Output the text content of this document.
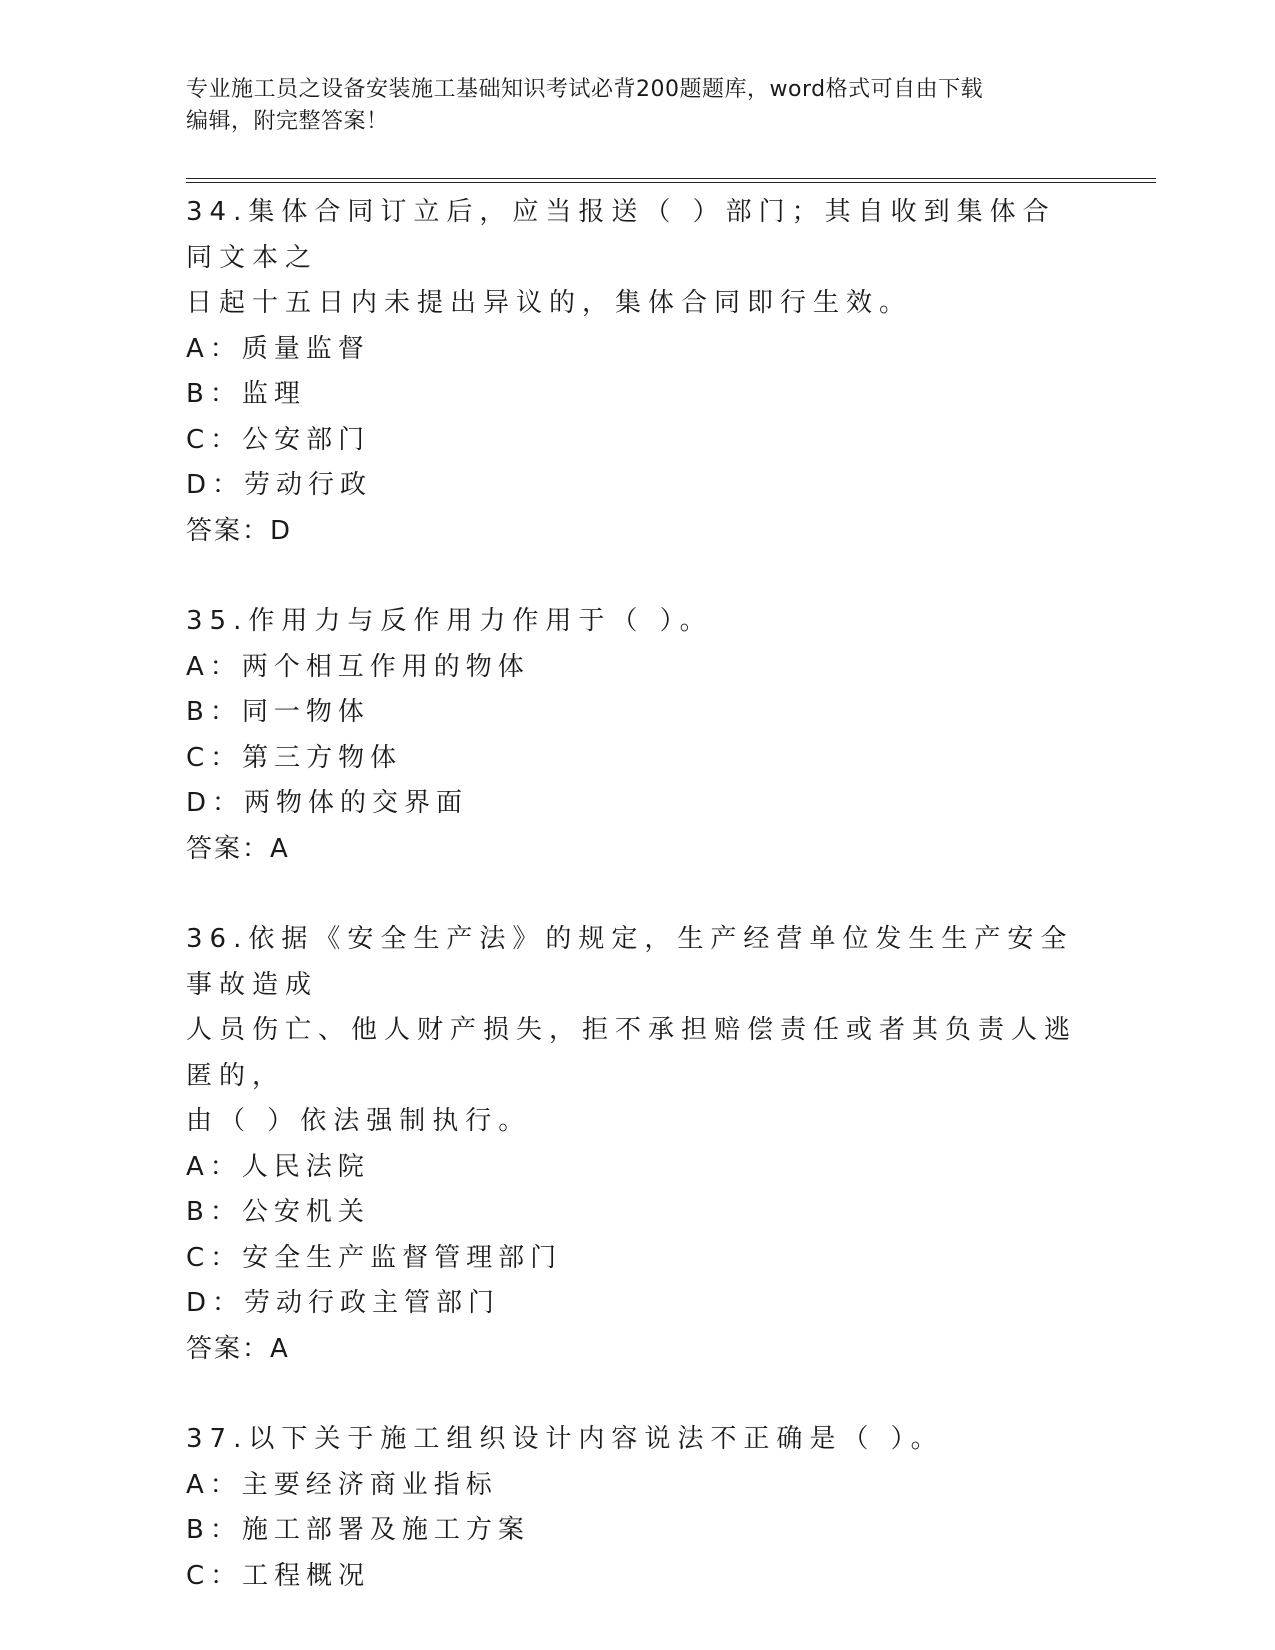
专业施工员之设备安装施工基础知识考试必背200题题库，word格式可自由下载
编辑，附完整答案！
34.集体合同订立后，应当报送（ ）部门；其自收到集体合同文本之
日起十五日内未提出异议的，集体合同即行生效。
A：质量监督
B：监理
C：公安部门
D：劳动行政
答案：D
35.作用力与反作用力作用于（ ）。
A：两个相互作用的物体
B：同一物体
C：第三方物体
D：两物体的交界面
答案：A
36.依据《安全生产法》的规定，生产经营单位发生生产安全事故造成
人员伤亡、他人财产损失，拒不承担赔偿责任或者其负责人逃匿的，
由（ ）依法强制执行。
A：人民法院
B：公安机关
C：安全生产监督管理部门
D：劳动行政主管部门
答案：A
37.以下关于施工组织设计内容说法不正确是（ ）。
A：主要经济商业指标
B：施工部署及施工方案
C：工程概况
